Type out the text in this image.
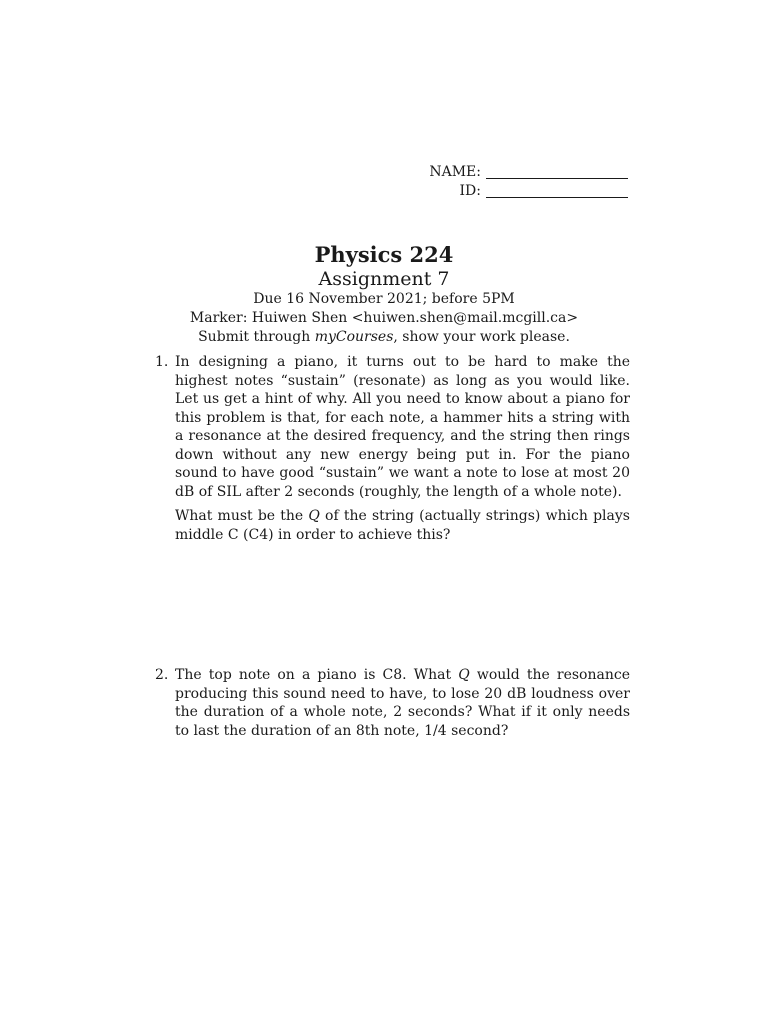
NAME:
ID:
Physics 224
Assignment 7
Due 16 November 2021; before 5PM
Marker: Huiwen Shen <huiwen.shen@mail.mcgill.ca>
Submit through myCourses, show your work please.
1. In designing a piano, it turns out to be hard to make the highest notes “sustain” (resonate) as long as you would like. Let us get a hint of why. All you need to know about a piano for this problem is that, for each note, a hammer hits a string with a resonance at the desired frequency, and the string then rings down without any new energy being put in. For the piano sound to have good “sustain” we want a note to lose at most 20 dB of SIL after 2 seconds (roughly, the length of a whole note).

What must be the Q of the string (actually strings) which plays middle C (C4) in order to achieve this?

2. The top note on a piano is C8. What Q would the resonance producing this sound need to have, to lose 20 dB loudness over the duration of a whole note, 2 seconds? What if it only needs to last the duration of an 8th note, 1/4 second?
